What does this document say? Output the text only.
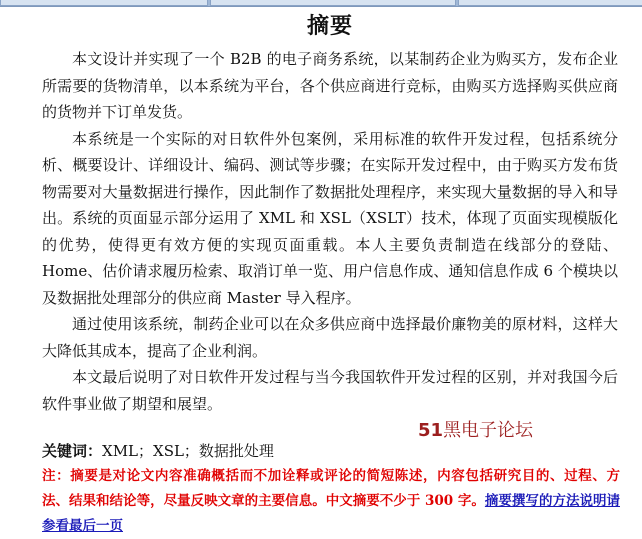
摘要

本文设计并实现了一个 B2B 的电子商务系统，以某制药企业为购买方，发布企业所需要的货物清单，以本系统为平台，各个供应商进行竞标，由购买方选择购买供应商的货物并下订单发货。

本系统是一个实际的对日软件外包案例，采用标准的软件开发过程，包括系统分析、概要设计、详细设计、编码、测试等步骤；在实际开发过程中，由于购买方发布货物需要对大量数据进行操作，因此制作了数据批处理程序，来实现大量数据的导入和导出。系统的页面显示部分运用了 XML 和 XSL（XSLT）技术，体现了页面实现模版化的优势，使得更有效方便的实现页面重载。本人主要负责制造在线部分的登陆、Home、估价请求履历检索、取消订单一览、用户信息作成、通知信息作成 6 个模块以及数据批处理部分的供应商 Master 导入程序。

通过使用该系统，制药企业可以在众多供应商中选择最价廉物美的原材料，这样大大降低其成本，提高了企业利润。

本文最后说明了对日软件开发过程与当今我国软件开发过程的区别，并对我国今后软件事业做了期望和展望。

51黑电子论坛
关键词：XML；XSL；数据批处理
注：摘要是对论文内容准确概括而不加诠释或评论的简短陈述，内容包括研究目的、过程、方法、结果和结论等，尽量反映文章的主要信息。中文摘要不少于 300 字。摘要撰写的方法说明请参看最后一页
